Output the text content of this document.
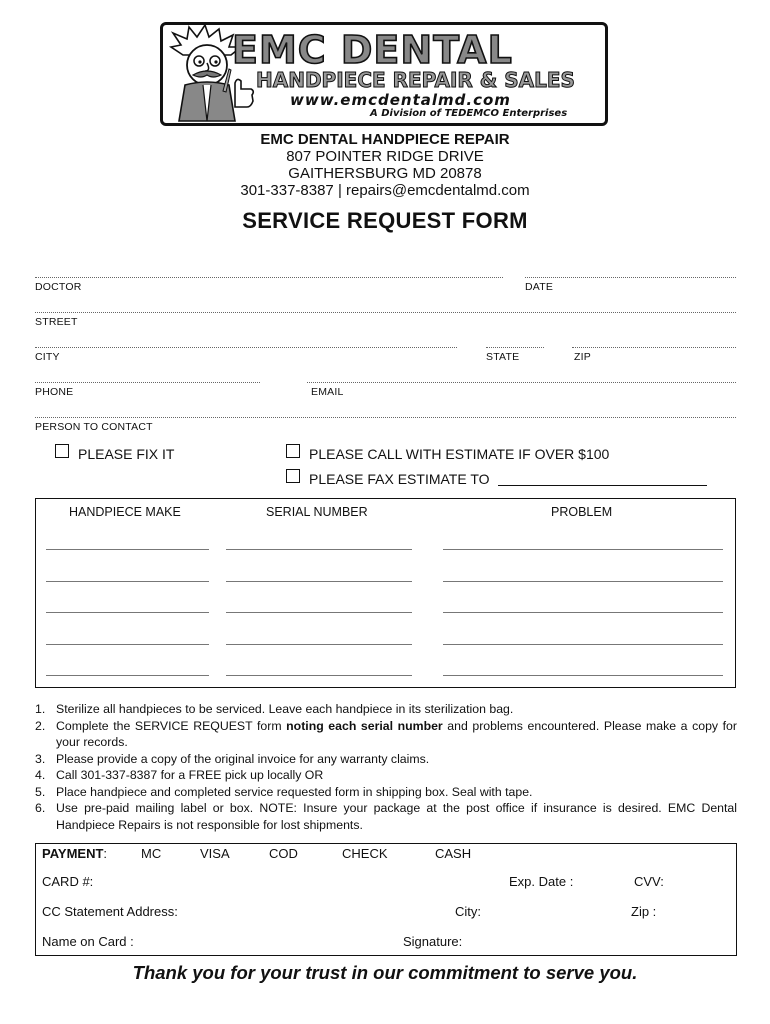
EMC DENTAL
HANDPIECE REPAIR & SALES
www.emcdentalmd.com
A Division of TEDEMCO Enterprises
EMC DENTAL HANDPIECE REPAIR
807 POINTER RIDGE DRIVE
GAITHERSBURG MD 20878
301-337-8387 | repairs@emcdentalmd.com
SERVICE REQUEST FORM
DOCTOR	DATE
STREET
CITY	STATE	ZIP
PHONE	EMAIL
PERSON TO CONTACT
PLEASE FIX IT	PLEASE CALL WITH ESTIMATE IF OVER $100
PLEASE FAX ESTIMATE TO
HANDPIECE MAKE	SERIAL NUMBER	PROBLEM
1. Sterilize all handpieces to be serviced. Leave each handpiece in its sterilization bag.
2. Complete the SERVICE REQUEST form noting each serial number and problems encountered. Please make a copy for your records.
3. Please provide a copy of the original invoice for any warranty claims.
4. Call 301-337-8387 for a FREE pick up locally OR
5. Place handpiece and completed service requested form in shipping box. Seal with tape.
6. Use pre-paid mailing label or box. NOTE: Insure your package at the post office if insurance is desired. EMC Dental Handpiece Repairs is not responsible for lost shipments.
PAYMENT:	MC	VISA	COD	CHECK	CASH
CARD #:	Exp. Date :	CVV:
CC Statement Address:	City:	Zip :
Name on Card :	Signature:
Thank you for your trust in our commitment to serve you.
